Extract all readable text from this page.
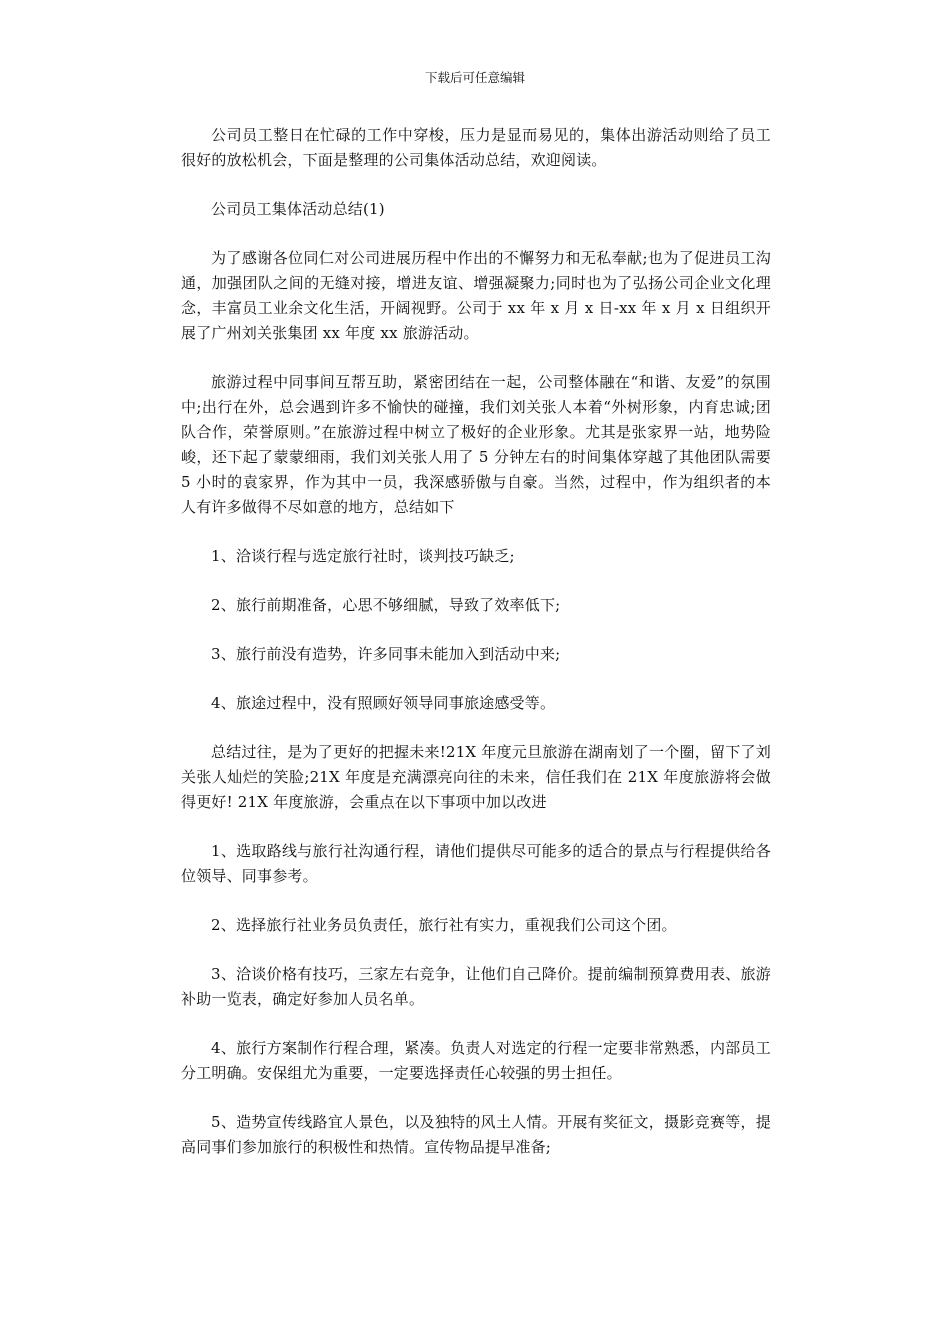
下载后可任意编辑

公司员工整日在忙碌的工作中穿梭，压力是显而易见的，集体出游活动则给了员工很好的放松机会，下面是整理的公司集体活动总结，欢迎阅读。

公司员工集体活动总结(1)

为了感谢各位同仁对公司进展历程中作出的不懈努力和无私奉献;也为了促进员工沟通，加强团队之间的无缝对接，增进友谊、增强凝聚力;同时也为了弘扬公司企业文化理念，丰富员工业余文化生活，开阔视野。公司于 xx 年 x 月 x 日-xx 年 x 月 x 日组织开展了广州刘关张集团 xx 年度 xx 旅游活动。

旅游过程中同事间互帮互助，紧密团结在一起，公司整体融在“和谐、友爱”的氛围中;出行在外，总会遇到许多不愉快的碰撞，我们刘关张人本着“外树形象，内育忠诚;团队合作，荣誉原则。”在旅游过程中树立了极好的企业形象。尤其是张家界一站，地势险峻，还下起了蒙蒙细雨，我们刘关张人用了 5 分钟左右的时间集体穿越了其他团队需要 5 小时的袁家界，作为其中一员，我深感骄傲与自豪。当然，过程中，作为组织者的本人有许多做得不尽如意的地方，总结如下

1、洽谈行程与选定旅行社时，谈判技巧缺乏;

2、旅行前期准备，心思不够细腻，导致了效率低下;

3、旅行前没有造势，许多同事未能加入到活动中来;

4、旅途过程中，没有照顾好领导同事旅途感受等。

总结过往，是为了更好的把握未来!21X 年度元旦旅游在湖南划了一个圈，留下了刘关张人灿烂的笑脸;21X 年度是充满漂亮向往的未来，信任我们在 21X 年度旅游将会做得更好! 21X 年度旅游，会重点在以下事项中加以改进

1、选取路线与旅行社沟通行程，请他们提供尽可能多的适合的景点与行程提供给各位领导、同事参考。

2、选择旅行社业务员负责任，旅行社有实力，重视我们公司这个团。

3、洽谈价格有技巧，三家左右竞争，让他们自己降价。提前编制预算费用表、旅游补助一览表，确定好参加人员名单。

4、旅行方案制作行程合理，紧凑。负责人对选定的行程一定要非常熟悉，内部员工分工明确。安保组尤为重要，一定要选择责任心较强的男士担任。

5、造势宣传线路宜人景色，以及独特的风土人情。开展有奖征文，摄影竞赛等，提高同事们参加旅行的积极性和热情。宣传物品提早准备;
